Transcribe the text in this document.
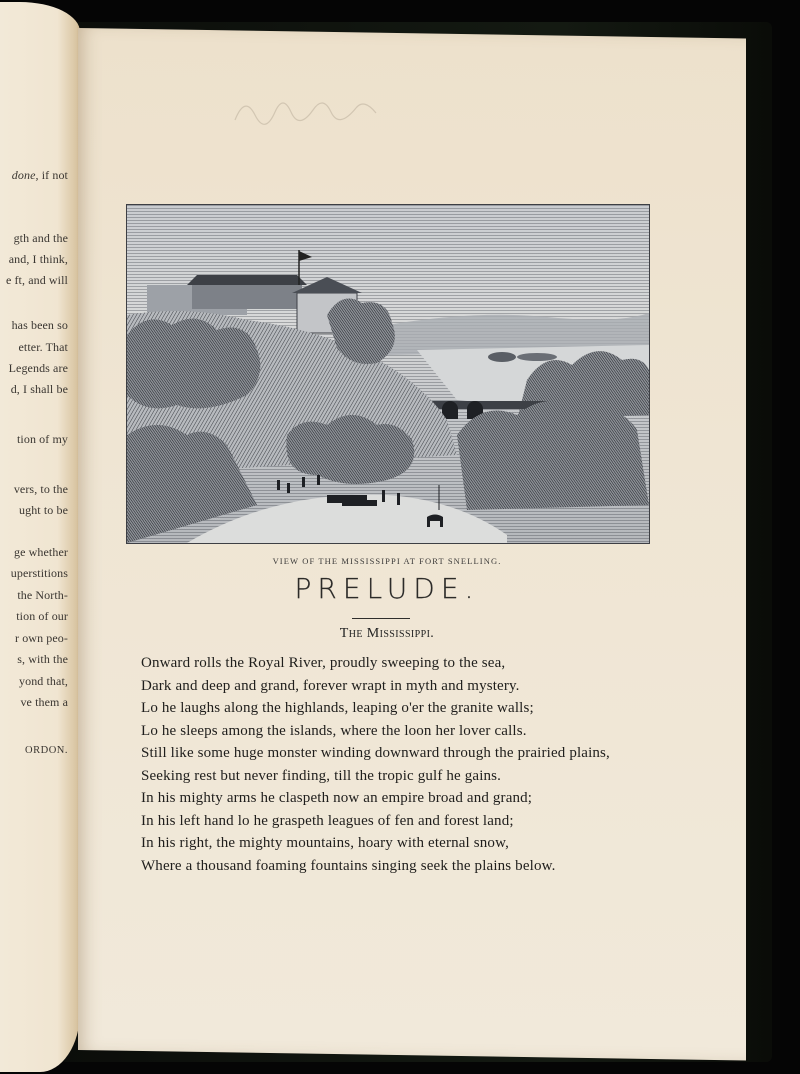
done, if not
gth and the
and, I think,
e ft, and will
has been so
etter. That
Legends are
d, I shall be
tion of my
vers, to the
ught to be
ge whether
uperstitions
the North-
tion of our
r own peo-
s, with the
yond that,
ve them a
ORDON.
VIEW OF THE MISSISSIPPI AT FORT SNELLING.
PRELUDE.
The Mississippi.
Onward rolls the Royal River, proudly sweeping to the sea,
Dark and deep and grand, forever wrapt in myth and mystery.
Lo he laughs along the highlands, leaping o'er the granite walls;
Lo he sleeps among the islands, where the loon her lover calls.
Still like some huge monster winding downward through the prairied plains,
Seeking rest but never finding, till the tropic gulf he gains.
In his mighty arms he claspeth now an empire broad and grand;
In his left hand lo he graspeth leagues of fen and forest land;
In his right, the mighty mountains, hoary with eternal snow,
Where a thousand foaming fountains singing seek the plains below.
